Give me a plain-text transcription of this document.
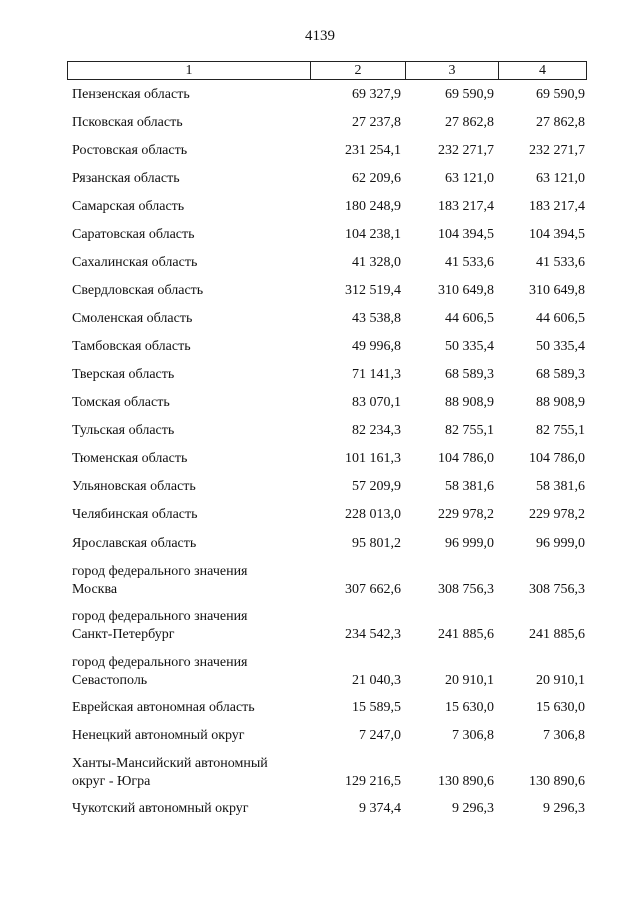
4139
1	2	3	4
Пензенская область	69 327,9	69 590,9	69 590,9
Псковская область	27 237,8	27 862,8	27 862,8
Ростовская область	231 254,1	232 271,7	232 271,7
Рязанская область	62 209,6	63 121,0	63 121,0
Самарская область	180 248,9	183 217,4	183 217,4
Саратовская область	104 238,1	104 394,5	104 394,5
Сахалинская область	41 328,0	41 533,6	41 533,6
Свердловская область	312 519,4	310 649,8	310 649,8
Смоленская область	43 538,8	44 606,5	44 606,5
Тамбовская область	49 996,8	50 335,4	50 335,4
Тверская область	71 141,3	68 589,3	68 589,3
Томская область	83 070,1	88 908,9	88 908,9
Тульская область	82 234,3	82 755,1	82 755,1
Тюменская область	101 161,3	104 786,0	104 786,0
Ульяновская область	57 209,9	58 381,6	58 381,6
Челябинская область	228 013,0	229 978,2	229 978,2
Ярославская область	95 801,2	96 999,0	96 999,0
город федерального значения
Москва	307 662,6	308 756,3	308 756,3
город федерального значения
Санкт-Петербург	234 542,3	241 885,6	241 885,6
город федерального значения
Севастополь	21 040,3	20 910,1	20 910,1
Еврейская автономная область	15 589,5	15 630,0	15 630,0
Ненецкий автономный округ	7 247,0	7 306,8	7 306,8
Ханты-Мансийский автономный
округ - Югра	129 216,5	130 890,6	130 890,6
Чукотский автономный округ	9 374,4	9 296,3	9 296,3
